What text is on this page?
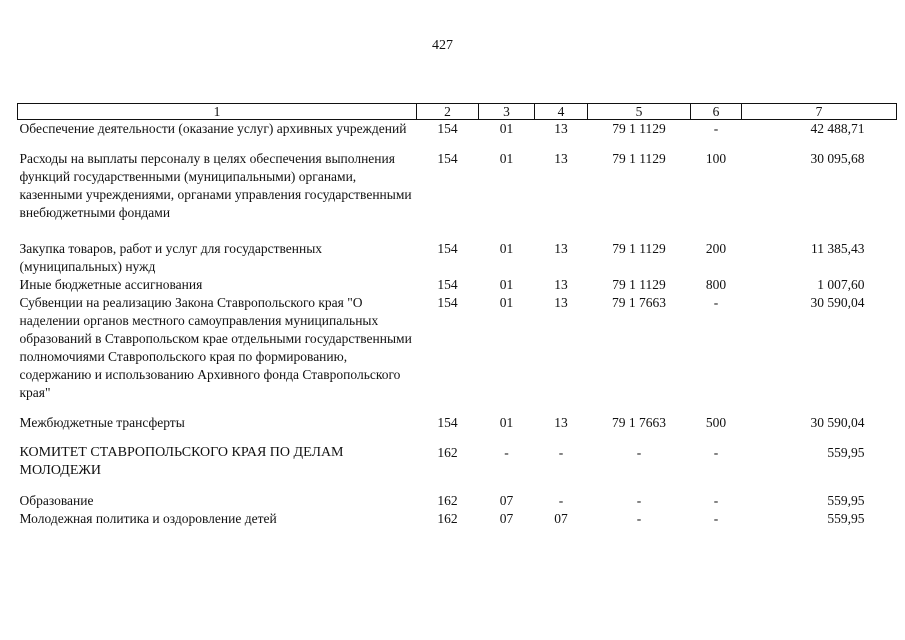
427
1	2	3	4	5	6	7
Обеспечение деятельности (оказание услуг) архивных учреждений	154	01	13	79 1 1129	-	42 488,71

Расходы на выплаты персоналу в целях обеспечения выполнения функций государственными (муниципальными) органами, казенными учреждениями, органами управления государственными внебюджетными фондами	154	01	13	79 1 1129	100	30 095,68

Закупка товаров, работ и услуг для государственных (муниципальных) нужд	154	01	13	79 1 1129	200	11 385,43
Иные бюджетные ассигнования	154	01	13	79 1 1129	800	1 007,60
Субвенции на реализацию Закона Ставропольского края "О наделении органов местного самоуправления муниципальных образований в Ставропольском крае отдельными государственными полномочиями Ставропольского края по формированию, содержанию и использованию Архивного фонда Ставропольского края"	154	01	13	79 1 7663	-	30 590,04

Межбюджетные трансферты	154	01	13	79 1 7663	500	30 590,04

КОМИТЕТ СТАВРОПОЛЬСКОГО КРАЯ ПО ДЕЛАМ МОЛОДЕЖИ	162	-	-	-	-	559,95

Образование	162	07	-	-	-	559,95
Молодежная политика и оздоровление детей	162	07	07	-	-	559,95
